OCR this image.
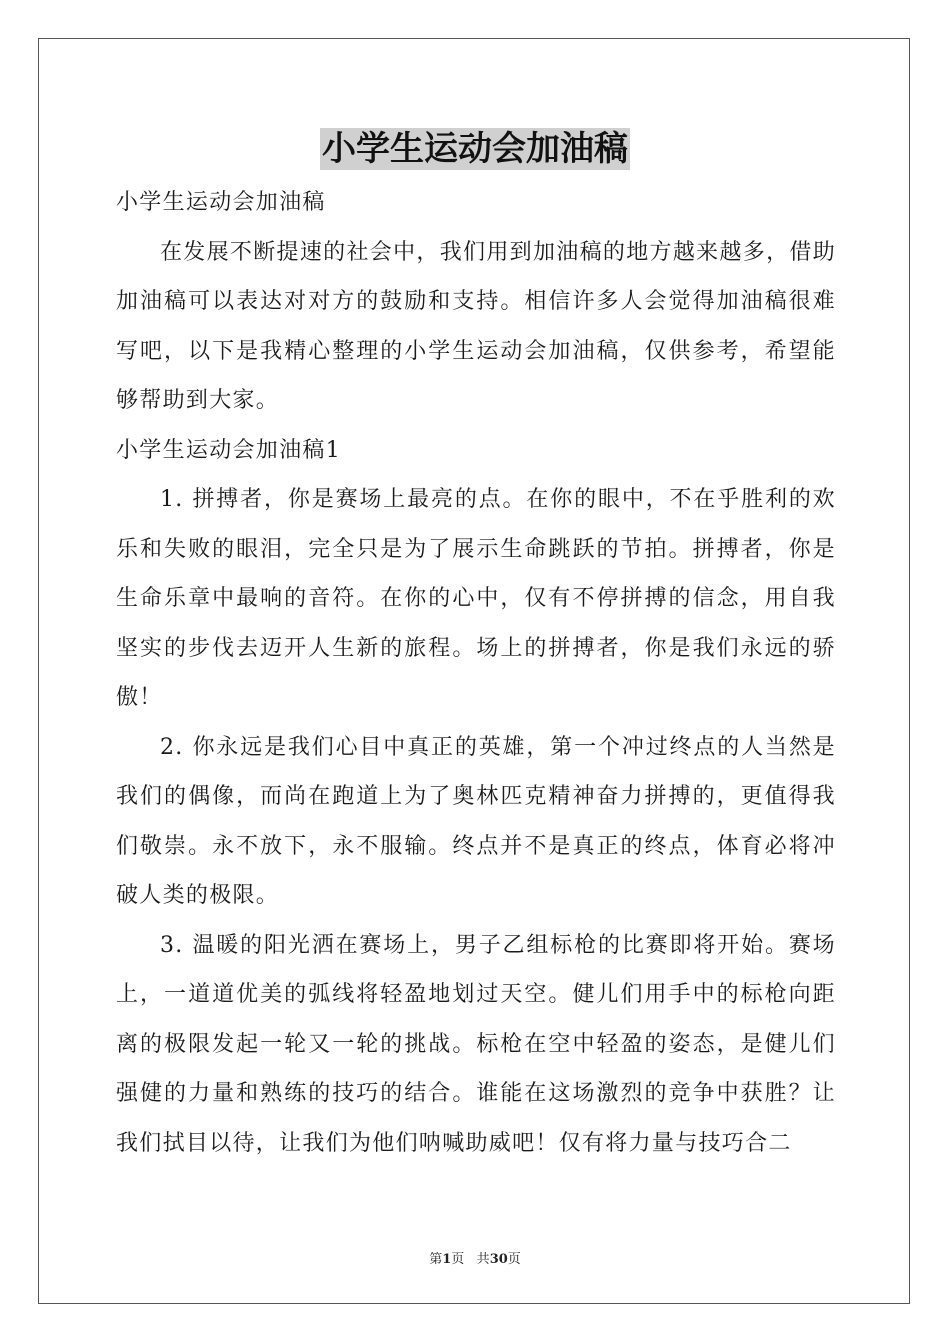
小学生运动会加油稿

小学生运动会加油稿

在发展不断提速的社会中，我们用到加油稿的地方越来越多，借助加油稿可以表达对对方的鼓励和支持。相信许多人会觉得加油稿很难写吧，以下是我精心整理的小学生运动会加油稿，仅供参考，希望能够帮助到大家。

小学生运动会加油稿1

1. 拼搏者，你是赛场上最亮的点。在你的眼中，不在乎胜利的欢乐和失败的眼泪，完全只是为了展示生命跳跃的节拍。拼搏者，你是生命乐章中最响的音符。在你的心中，仅有不停拼搏的信念，用自我坚实的步伐去迈开人生新的旅程。场上的拼搏者，你是我们永远的骄傲！

2. 你永远是我们心目中真正的英雄，第一个冲过终点的人当然是我们的偶像，而尚在跑道上为了奥林匹克精神奋力拼搏的，更值得我们敬崇。永不放下，永不服输。终点并不是真正的终点，体育必将冲破人类的极限。

3. 温暖的阳光洒在赛场上，男子乙组标枪的比赛即将开始。赛场上，一道道优美的弧线将轻盈地划过天空。健儿们用手中的标枪向距离的极限发起一轮又一轮的挑战。标枪在空中轻盈的姿态，是健儿们强健的力量和熟练的技巧的结合。谁能在这场激烈的竞争中获胜？让我们拭目以待，让我们为他们呐喊助威吧！仅有将力量与技巧合二

第1页 共30页
